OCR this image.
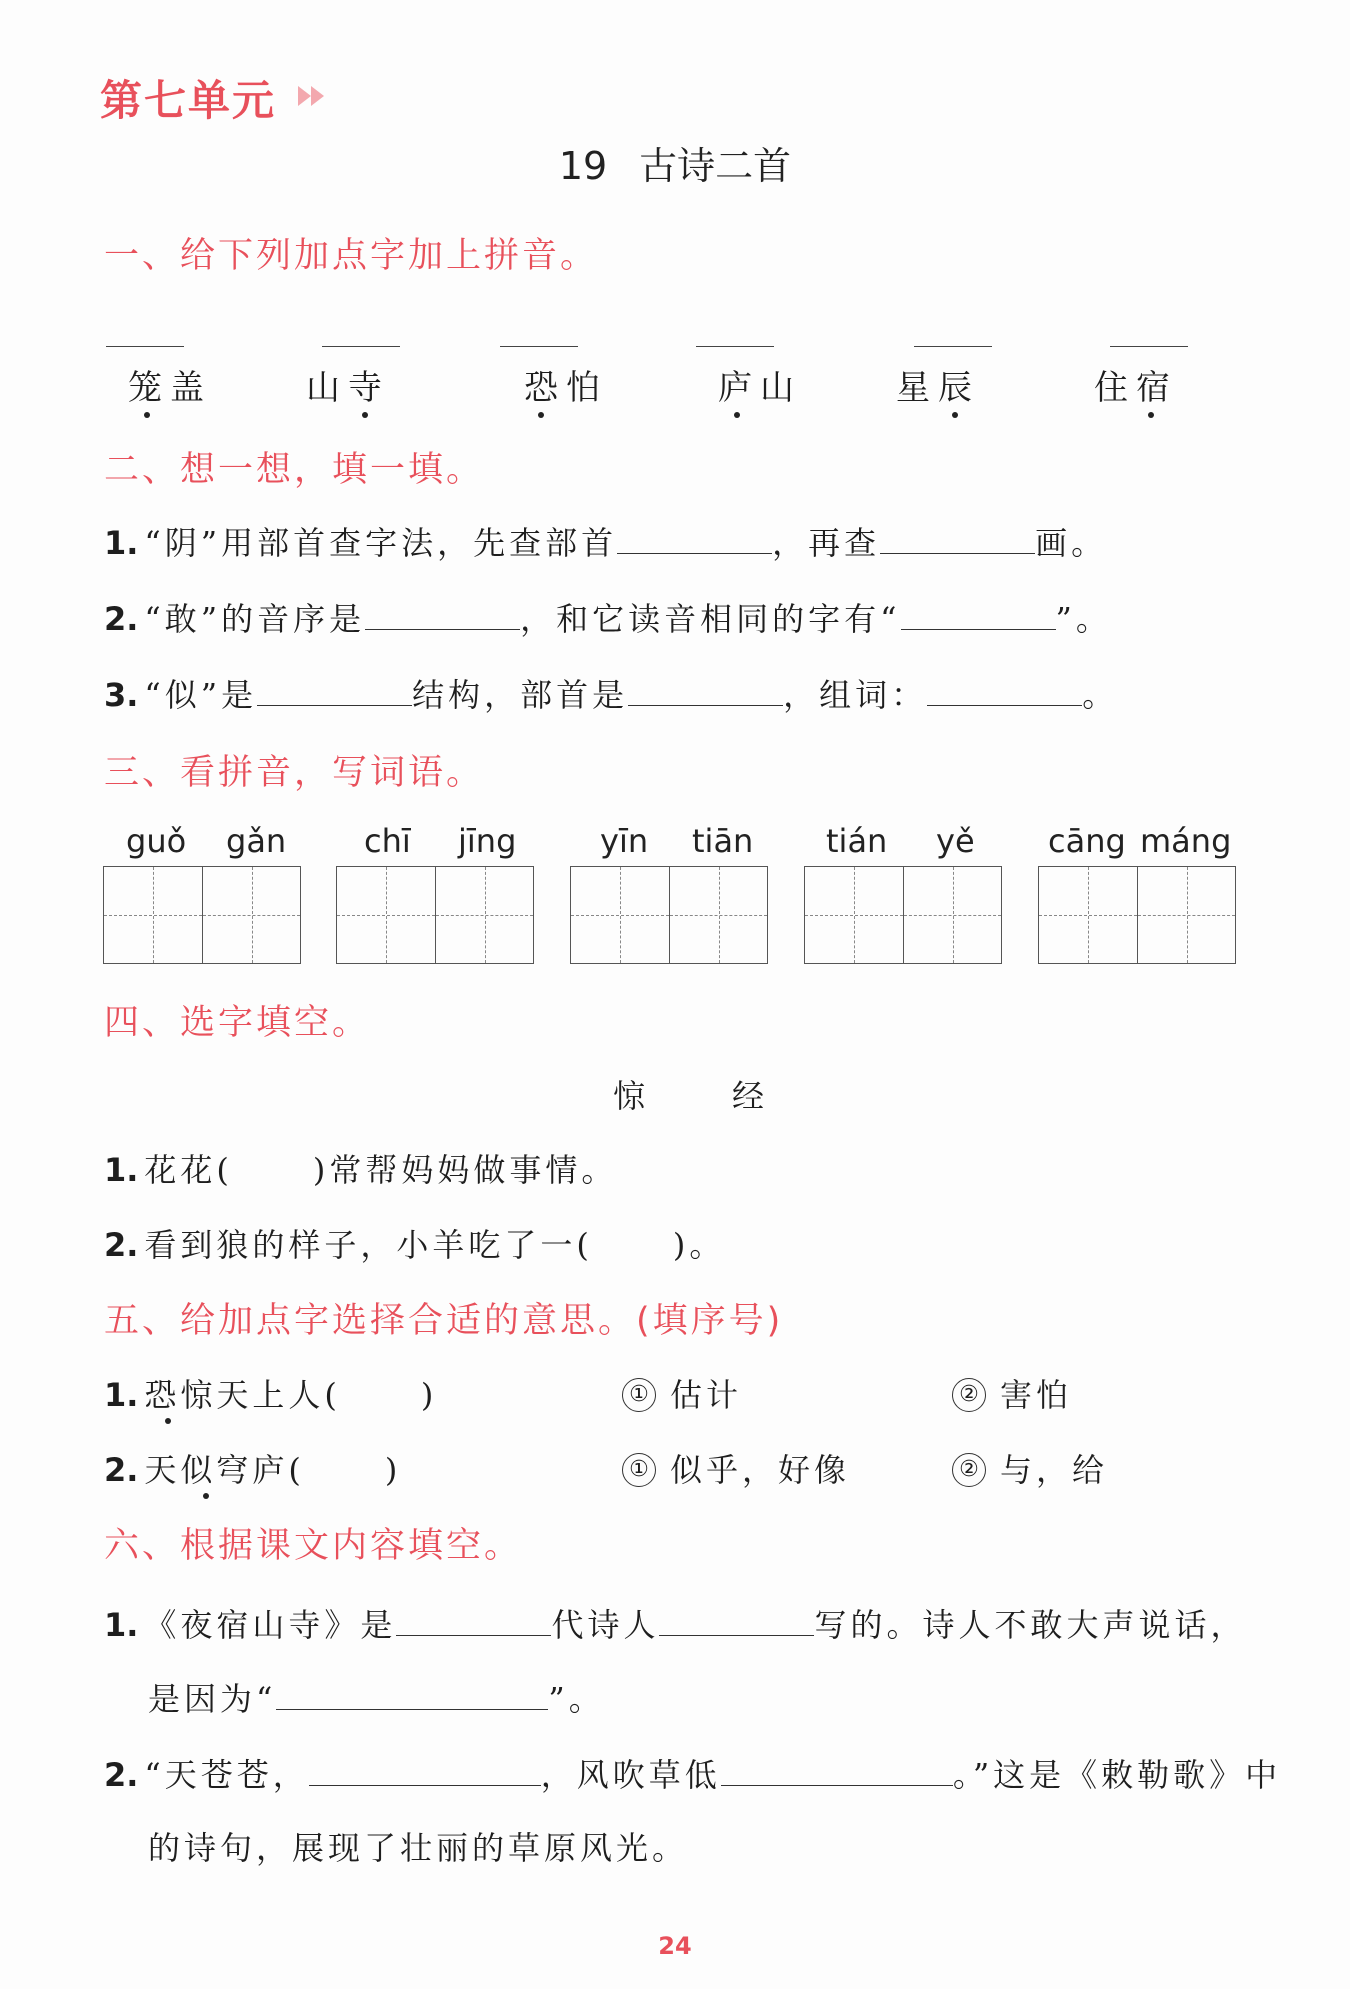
第七单元
19 古诗二首
一、给下列加点字加上拼音。
笼盖	山寺	恐怕	庐山	星辰	住宿
二、想一想，填一填。
1. “阴”用部首查字法，先查部首	，再查	画。
2. “敢”的音序是	，和它读音相同的字有“	”。
3. “似”是	结构，部首是	，组词：	。
三、看拼音，写词语。
guǒ gǎn chī jīng	yīn tiān tián yě cāng máng
四、选字填空。
惊	经
1. 花花(	)常帮妈妈做事情。
2. 看到狼的样子，小羊吃了一(	)。
五、给加点字选择合适的意思。(填序号)
1. 恐惊天上人(	)	① 估计	② 害怕
2. 天似穹庐(	)	① 似乎，好像	② 与，给
六、根据课文内容填空。
1. 《夜宿山寺》是	代诗人	写的。诗人不敢大声说话，
是因为“	”。
2. “天苍苍，	，风吹草低	。”这是《敕勒歌》中
的诗句，展现了壮丽的草原风光。
24
